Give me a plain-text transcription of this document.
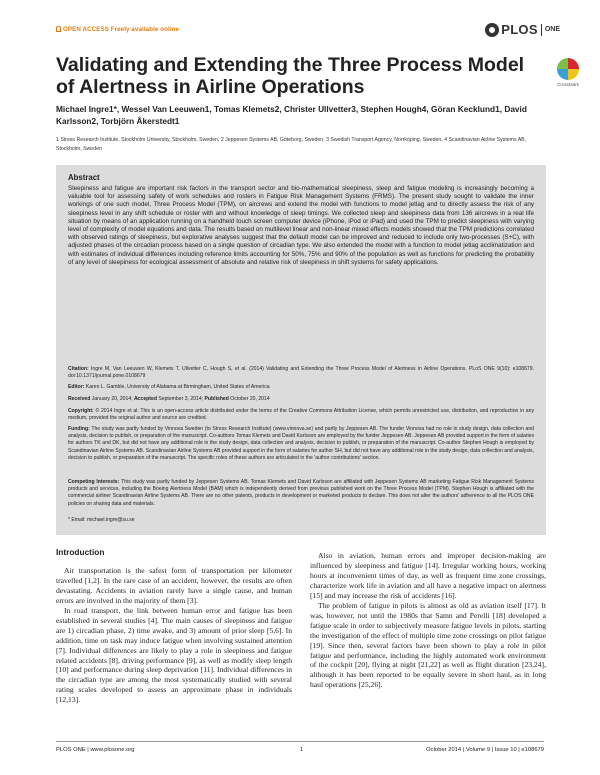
OPEN ACCESS Freely available online	PLOS ONE
CrossMark
Validating and Extending the Three Process Model of Alertness in Airline Operations
Michael Ingre1*, Wessel Van Leeuwen1, Tomas Klemets2, Christer Ullvetter3, Stephen Hough4, Göran Kecklund1, David Karlsson2, Torbjörn Åkerstedt1
1 Stress Research Institute, Stockholm University, Stockholm, Sweden, 2 Jeppesen Systems AB, Göteborg, Sweden, 3 Swedish Transport Agency, Norrköping, Sweden, 4 Scandinavian Airline Systems AB, Stockholm, Sweden
Abstract

Sleepiness and fatigue are important risk factors in the transport sector and bio-mathematical sleepiness, sleep and fatigue modeling is increasingly becoming a valuable tool for assessing safety of work schedules and rosters in Fatigue Risk Management Systems (FRMS). The present study sought to validate the inner workings of one such model, Three Process Model (TPM), on aircrews and extend the model with functions to model jetlag and to directly assess the risk of any sleepiness level in any shift schedule or roster with and without knowledge of sleep timings. We collected sleep and sleepiness data from 136 aircrews in a real life situation by means of an application running on a handheld touch screen computer device (iPhone, iPod or iPad) and used the TPM to predict sleepiness with varying level of complexity of model equations and data. The results based on multilevel linear and non-linear mixed effects models showed that the TPM predictions correlated with observed ratings of sleepiness, but explorative analyses suggest that the default model can be improved and reduced to include only two-processes (S+C), with adjusted phases of the circadian process based on a single question of circadian type. We also extended the model with a function to model jetlag acclimatization and with estimates of individual differences including reference limits accounting for 50%, 75% and 90% of the population as well as functions for predicting the probability of any level of sleepiness for ecological assessment of absolute and relative risk of sleepiness in shift systems for safety applications.

Citation: Ingre M, Van Leeuwen W, Klemets T, Ullvetter C, Hough S, et al. (2014) Validating and Extending the Three Process Model of Alertness in Airline Operations. PLoS ONE 9(10): e108679. doi:10.1371/journal.pone.0108679
Editor: Karen L. Gamble, University of Alabama at Birmingham, United States of America
Received January 20, 2014; Accepted September 3, 2014; Published October 20, 2014
Copyright: © 2014 Ingre et al. This is an open-access article distributed under the terms of the Creative Commons Attribution License, which permits unrestricted use, distribution, and reproduction in any medium, provided the original author and source are credited.
Funding: The study was partly funded by Vinnova Sweden (to Stress Research Institute) (www.vinnova.se) and partly by Jeppesen AB. The funder Vinnova had no role in study design, data collection and analysis, decision to publish, or preparation of the manuscript. Co-authors Tomas Klemets and David Karlsson are employed by the funder Jeppesen AB. Jeppesen AB provided support in the form of salaries for authors TK and DK, but did not have any additional role in the study design, data collection and analysis, decision to publish, or preparation of the manuscript. Co-author Stephen Hough is employed by Scandinavian Airline Systems AB. Scandinavian Airline Systems AB provided support in the form of salaries for author SH, but did not have any additional role in the study design, data collection and analysis, decision to publish, or preparation of the manuscript. The specific roles of these authors are articulated in the 'author contributions' section.
Competing Interests: This study was partly funded by Jeppesen Systems AB. Tomas Klemets and David Karlsson are affiliated with Jeppesen Systems AB marketing Fatigue Risk Management Systems products and services, including the Boeing Alertness Model (BAM) which is independently derived from previous published work on the Three Process Model (TPM). Stephen Hough is affiliated with the commercial airliner Scandinavian Airline Systems AB. There are no other patents, products in development or marketed products to declare. This does not alter the authors' adherence to all the PLOS ONE policies on sharing data and materials.
* Email: michael.ingre@su.se
Introduction

Air transportation is the safest form of transportation per kilometer travelled [1,2]. In the rare case of an accident, however, the results are often devastating. Accidents in aviation rarely have a single cause, and human errors are involved in the majority of them [3].

In road transport, the link between human error and fatigue has been established in several studies [4]. The main causes of sleepiness and fatigue are 1) circadian phase, 2) time awake, and 3) amount of prior sleep [5,6]. In addition, time on task may induce fatigue when involving sustained attention [7]. Individual differences are likely to play a role in sleepiness and fatigue related accidents [8], driving performance [9], as well as modify sleep length [10] and performance during sleep deprivation [11]. Individual differences in the circadian type are among the most systematically studied with several rating scales developed to assess an approximate phase in individuals [12,13].

Also in aviation, human errors and improper decision-making are influenced by sleepiness and fatigue [14]. Irregular working hours, working hours at inconvenient times of day, as well as frequent time zone crossings, characterize work life in aviation and all have a negative impact on alertness [15] and may increase the risk of accidents [16].

The problem of fatigue in pilots is almost as old as aviation itself [17]. It was, however, not until the 1980s that Samn and Perelli [18] developed a fatigue scale in order to subjectively measure fatigue levels in pilots, starting the investigation of the effect of multiple time zone crossings on pilot fatigue [19]. Since then, several factors have been shown to play a role in pilot fatigue and performance, including the highly automated work environment of the cockpit [20], flying at night [21,22] as well as flight duration [23,24], although it has been reported to be equally severe in short haul, as in long haul operations [25,26].

PLOS ONE | www.plosone.org	1	October 2014 | Volume 9 | Issue 10 | e108679
